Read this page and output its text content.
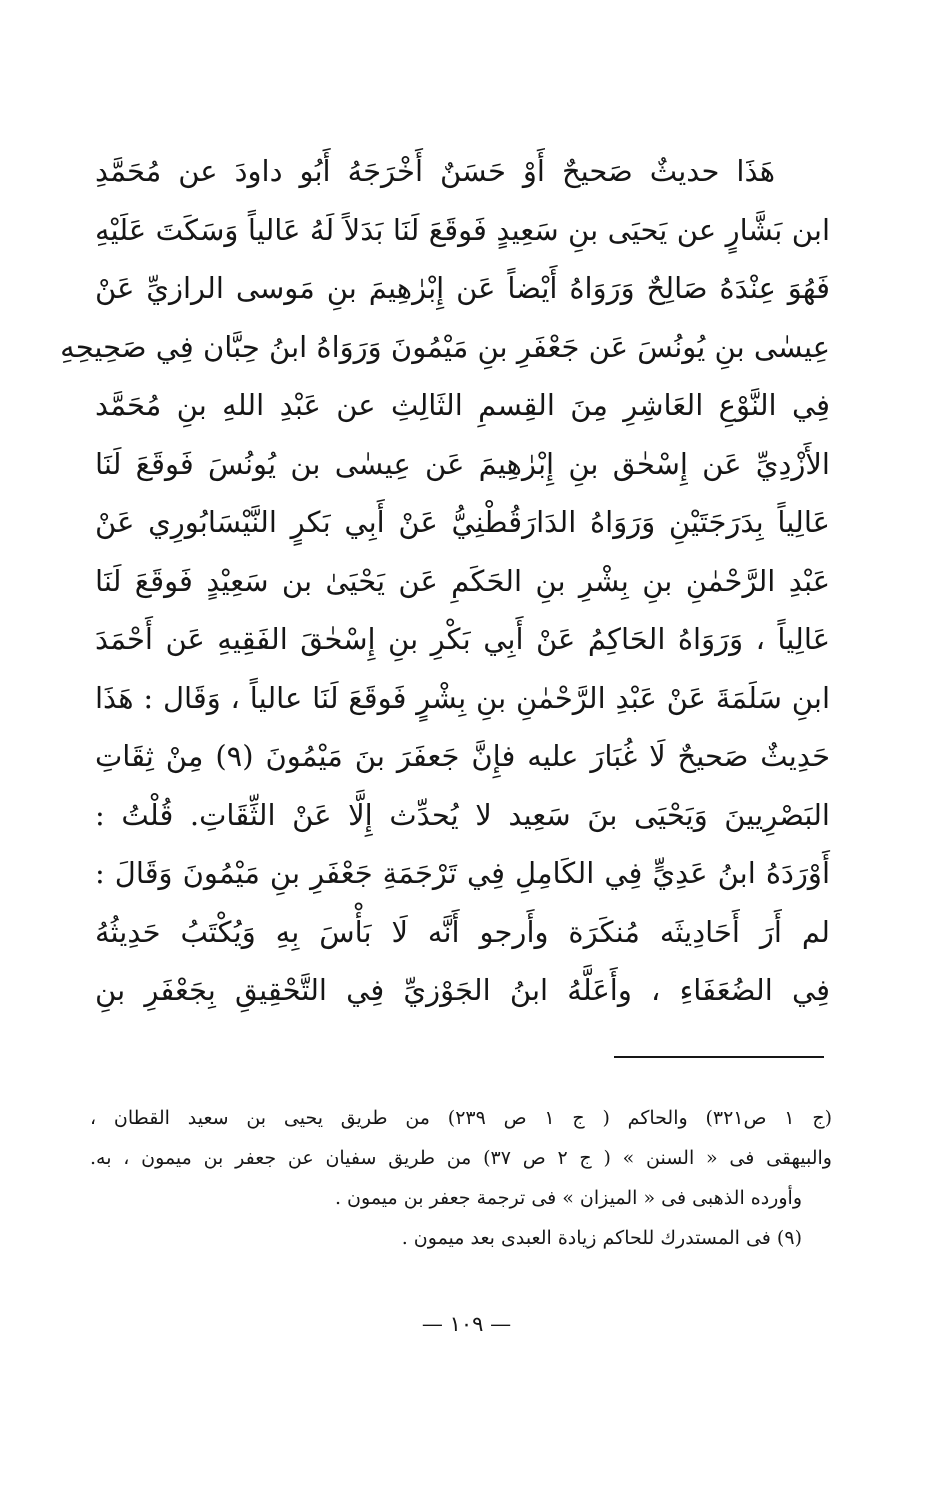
هَذَا حديثٌ صَحيحٌ أَوْ حَسَنٌ أَخْرَجَهُ أَبُو داودَ عن مُحَمَّدِ
ابن بَشَّارٍ عن يَحيَى بنِ سَعِيدٍ فَوقَعَ لَنَا بَدَلاً لَهُ عَالياً وَسَكَتَ عَلَيْهِ
فَهُوَ عِنْدَهُ صَالِحٌ وَرَوَاهُ أَيْضاً عَن إِبْرٰهِيمَ بنِ مَوسى الرازيِّ عَنْ
عِيسٰى بنِ يُونُسَ عَن جَعْفَرِ بنِ مَيْمُونَ وَرَوَاهُ ابنُ حِبَّان فِي صَحِيحِهِ
فِي النَّوْعِ العَاشِرِ مِنَ القِسمِ الثَالِثِ عن عَبْدِ اللهِ بنِ مُحَمَّد
الأَزْدِيِّ عَن إِسْحٰق بنِ إِبْرٰهِيمَ عَن عِيسٰى بن يُونُسَ فَوقَعَ لَنَا
عَالِياً بِدَرَجَتَيْنِ وَرَوَاهُ الدَارَقُطْنِيُّ عَنْ أَبِي بَكرٍ النَّيْسَابُورِي عَنْ
عَبْدِ الرَّحْمٰنِ بنِ بِشْرِ بنِ الحَكَمِ عَن يَحْيَىٰ بن سَعِيْدٍ فَوقَعَ لَنَا
عَالِياً ، وَرَوَاهُ الحَاكِمُ عَنْ أَبِي بَكْرِ بنِ إِسْحٰقَ الفَقِيهِ عَن أَحْمَدَ
ابنِ سَلَمَةَ عَنْ عَبْدِ الرَّحْمٰنِ بنِ بِشْرٍ فَوقَعَ لَنَا عالياً ، وَقَال : هَذَا
حَدِيثٌ صَحيحٌ لَا غُبَارَ عليه فإِنَّ جَعفَرَ بنَ مَيْمُونَ (٩) مِنْ ثِقَاتِ
البَصْرِيينَ وَيَحْيَى بنَ سَعِيد لا يُحدِّث إِلَّا عَنْ الثِّقَاتِ. قُلْتُ :
أَوْرَدَهُ ابنُ عَدِيٍّ فِي الكَامِلِ فِي تَرْجَمَةِ جَعْفَرِ بنِ مَيْمُونَ وَقَالَ :
لم أَرَ أَحَادِيثَه مُنكَرَة وأَرجو أَنَّه لَا بَأْسَ بِهِ وَيُكْتَبُ حَدِيثُهُ
فِي الضُعَفَاءِ ، وأَعَلَّهُ ابنُ الجَوْزيِّ فِي التَّحْقِيقِ بِجَعْفَرِ بنِ
(ج ١ ص٣٢١) والحاكم ( ج ١ ص ٢٣٩) من طريق يحيى بن سعيد القطان ،
والبيهقى فى « السنن » ( ج ٢ ص ٣٧) من طريق سفيان عن جعفر بن ميمون ، به.
وأورده الذهبى فى « الميزان » فى ترجمة جعفر بن ميمون .
(٩) فى المستدرك للحاكم زيادة العبدى بعد ميمون .
— ١٠٩ —
